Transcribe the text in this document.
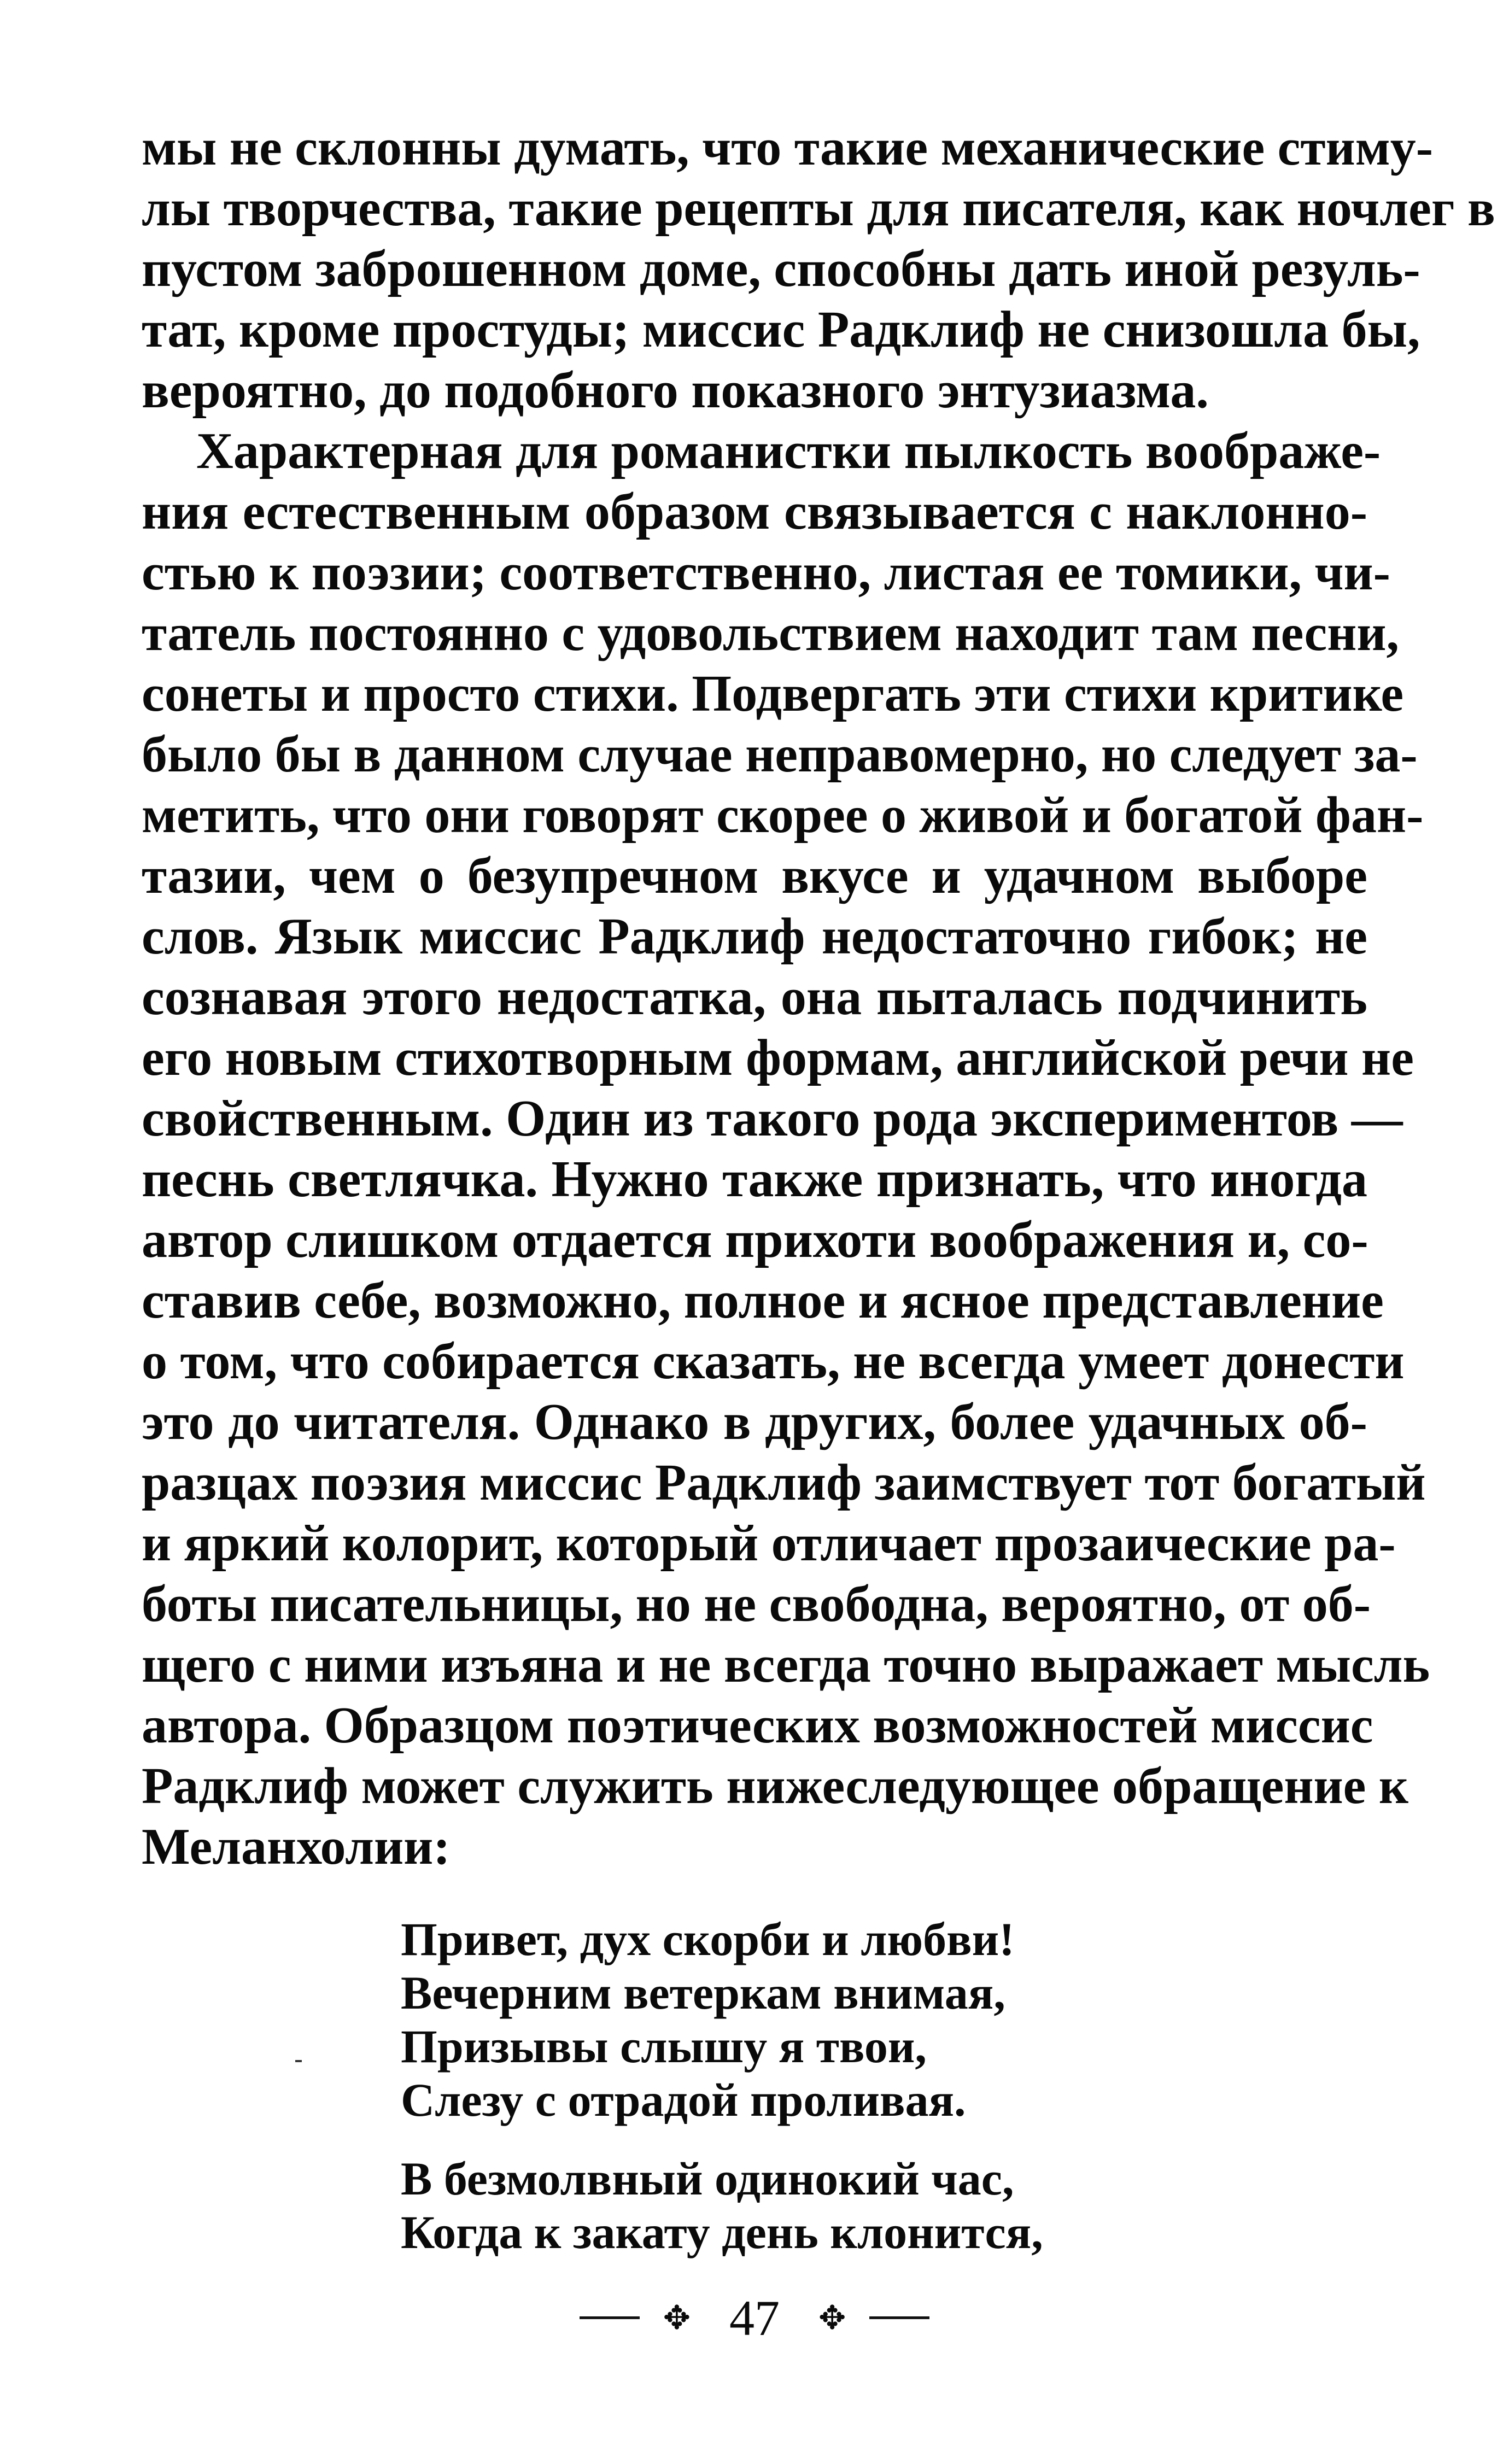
мы не склонны думать, что такие механические стиму-
лы творчества, такие рецепты для писателя, как ночлег в
пустом заброшенном доме, способны дать иной резуль-
тат, кроме простуды; миссис Радклиф не снизошла бы,
вероятно, до подобного показного энтузиазма.
Характерная для романистки пылкость воображе-
ния естественным образом связывается с наклонно-
стью к поэзии; соответственно, листая ее томики, чи-
татель постоянно с удовольствием находит там песни,
сонеты и просто стихи. Подвергать эти стихи критике
было бы в данном случае неправомерно, но следует за-
метить, что они говорят скорее о живой и богатой фан-
тазии, чем о безупречном вкусе и удачном выборе
слов. Язык миссис Радклиф недостаточно гибок; не
сознавая этого недостатка, она пыталась подчинить
его новым стихотворным формам, английской речи не
свойственным. Один из такого рода экспериментов —
песнь светлячка. Нужно также признать, что иногда
автор слишком отдается прихоти воображения и, со-
ставив себе, возможно, полное и ясное представление
о том, что собирается сказать, не всегда умеет донести
это до читателя. Однако в других, более удачных об-
разцах поэзия миссис Радклиф заимствует тот богатый
и яркий колорит, который отличает прозаические ра-
боты писательницы, но не свободна, вероятно, от об-
щего с ними изъяна и не всегда точно выражает мысль
автора. Образцом поэтических возможностей миссис
Радклиф может служить нижеследующее обращение к
Меланхолии:
Привет, дух скорби и любви!
Вечерним ветеркам внимая,
Призывы слышу я твои,
Слезу с отрадой проливая.
В безмолвный одинокий час,
Когда к закату день клонится,
✥ 47 ✥
